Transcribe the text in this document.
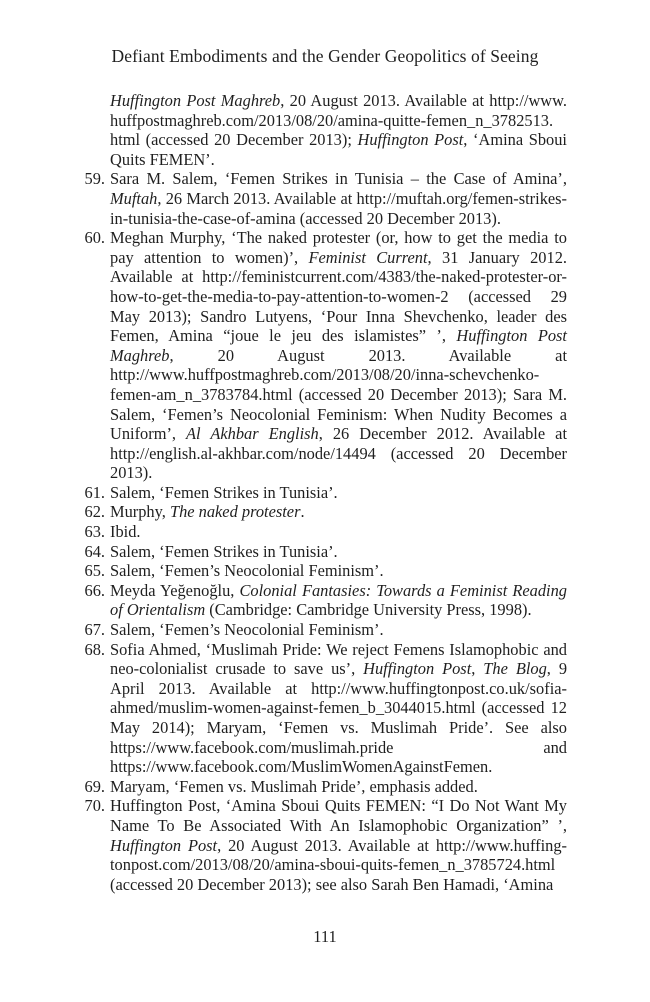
Defiant Embodiments and the Gender Geopolitics of Seeing
Huffington Post Maghreb, 20 August 2013. Available at http://www.​huffpostmaghreb.com/2013/08/20/amina-quitte-femen_n_3782513.​html (accessed 20 December 2013); Huffington Post, ‘Amina Sboui Quits FEMEN’.
59. Sara M. Salem, ‘Femen Strikes in Tunisia – the Case of Amina’, Muftah, 26 March 2013. Available at http://muftah.org/femen-strikes-in-​tunisia-the-case-of-amina (accessed 20 December 2013).
60. Meghan Murphy, ‘The naked protester (or, how to get the media to pay attention to women)’, Feminist Current, 31 January 2012. Available at http://feministcurrent.com/4383/the-naked-protester-or-how-to-​get-the-media-to-pay-attention-to-women-2 (accessed 29 May 2013); Sandro Lutyens, ‘Pour Inna Shevchenko, leader des Femen, Amina “joue le jeu des islamistes” ’, Huffington Post Maghreb, 20 August 2013. Available at http://www.huffpostmaghreb.com/2013/08/20/inna-​schevchenko-femen-am_n_3783784.html (accessed 20 December 2013); Sara M. Salem, ‘Femen’s Neocolonial Feminism: When Nudity Becomes a Uniform’, Al Akhbar English, 26 December 2012. Available at http://english.al-akhbar.com/node/14494 (accessed 20 December 2013).
61. Salem, ‘Femen Strikes in Tunisia’.
62. Murphy, The naked protester.
63. Ibid.
64. Salem, ‘Femen Strikes in Tunisia’.
65. Salem, ‘Femen’s Neocolonial Feminism’.
66. Meyda Yeğenoğlu, Colonial Fantasies: Towards a Feminist Reading of Orientalism (Cambridge: Cambridge University Press, 1998).
67. Salem, ‘Femen’s Neocolonial Feminism’.
68. Sofia Ahmed, ‘Muslimah Pride: We reject Femens Islamophobic and neo-colonialist crusade to save us’, Huffington Post, The Blog, 9 April 2013. Available at http://www.huffingtonpost.co.uk/sofia-ahmed/muslim-​women-against-femen_b_3044015.html (accessed 12 May 2014); Maryam, ‘Femen vs. Muslimah Pride’. See also https://www.facebook.​com/muslimah.pride and https://www.facebook.com/MuslimWomen​AgainstFemen.
69. Maryam, ‘Femen vs. Muslimah Pride’, emphasis added.
70. Huffington Post, ‘Amina Sboui Quits FEMEN: “I Do Not Want My Name To Be Associated With An Islamophobic Organization” ’, Huffington Post, 20 August 2013. Available at http://www.huffing-​tonpost.com/2013/08/20/amina-sboui-quits-femen_n_3785724.html (accessed 20 December 2013); see also Sarah Ben Hamadi, ‘Amina
111
